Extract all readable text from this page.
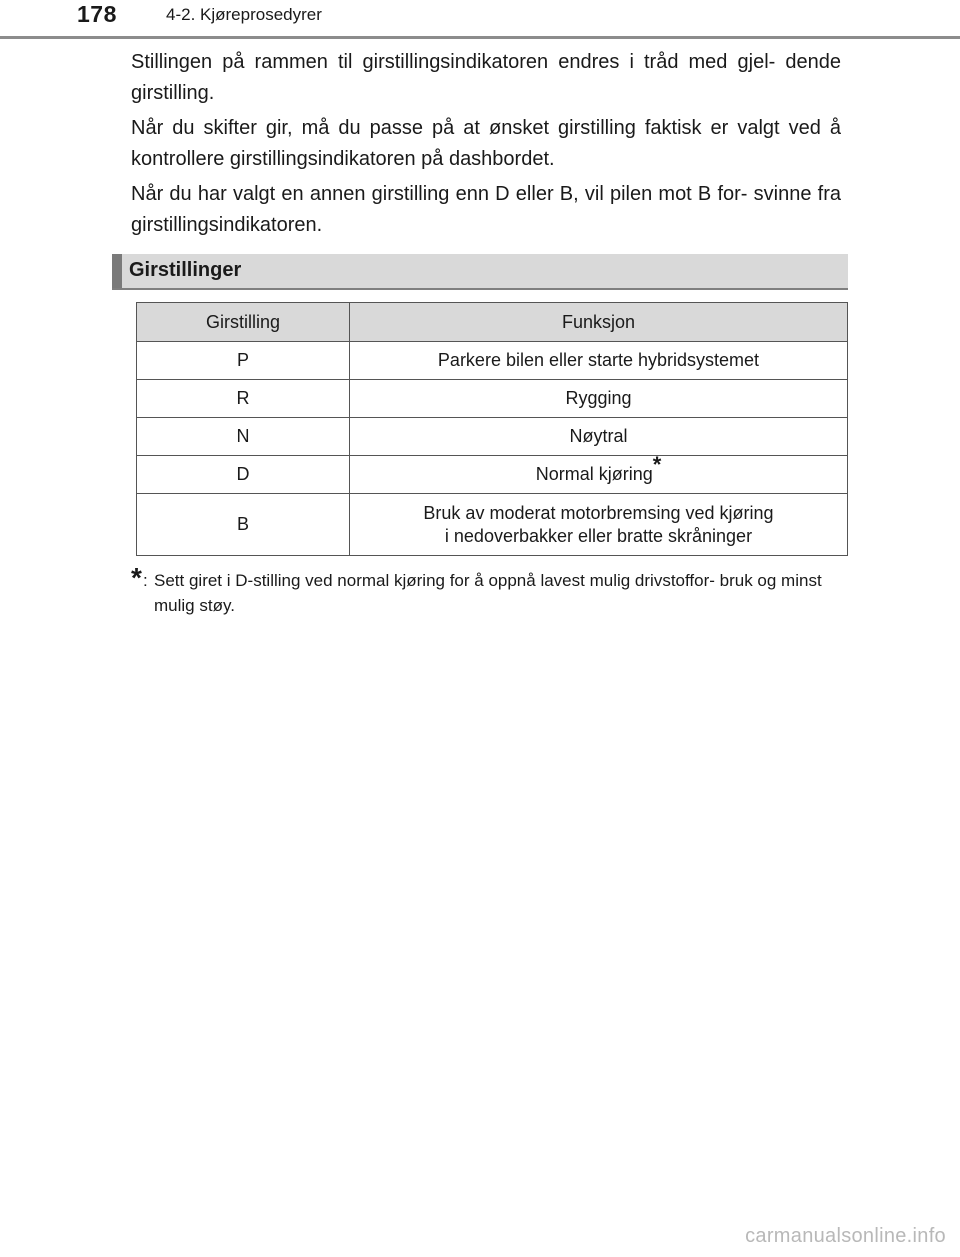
178	4-2. Kjøreprosedyrer

Stillingen på rammen til girstillingsindikatoren endres i tråd med gjel- dende girstilling.

Når du skifter gir, må du passe på at ønsket girstilling faktisk er valgt ved å kontrollere girstillingsindikatoren på dashbordet.

Når du har valgt en annen girstilling enn D eller B, vil pilen mot B for- svinne fra girstillingsindikatoren.

Girstillinger
Girstilling	Funksjon
P	Parkere bilen eller starte hybridsystemet
R	Rygging
N	Nøytral
D	Normal kjøring*
B	Bruk av moderat motorbremsing ved kjøring
i nedoverbakker eller bratte skråninger
* : Sett giret i D-stilling ved normal kjøring for å oppnå lavest mulig drivstoffor- bruk og minst mulig støy.
carmanualsonline.info
